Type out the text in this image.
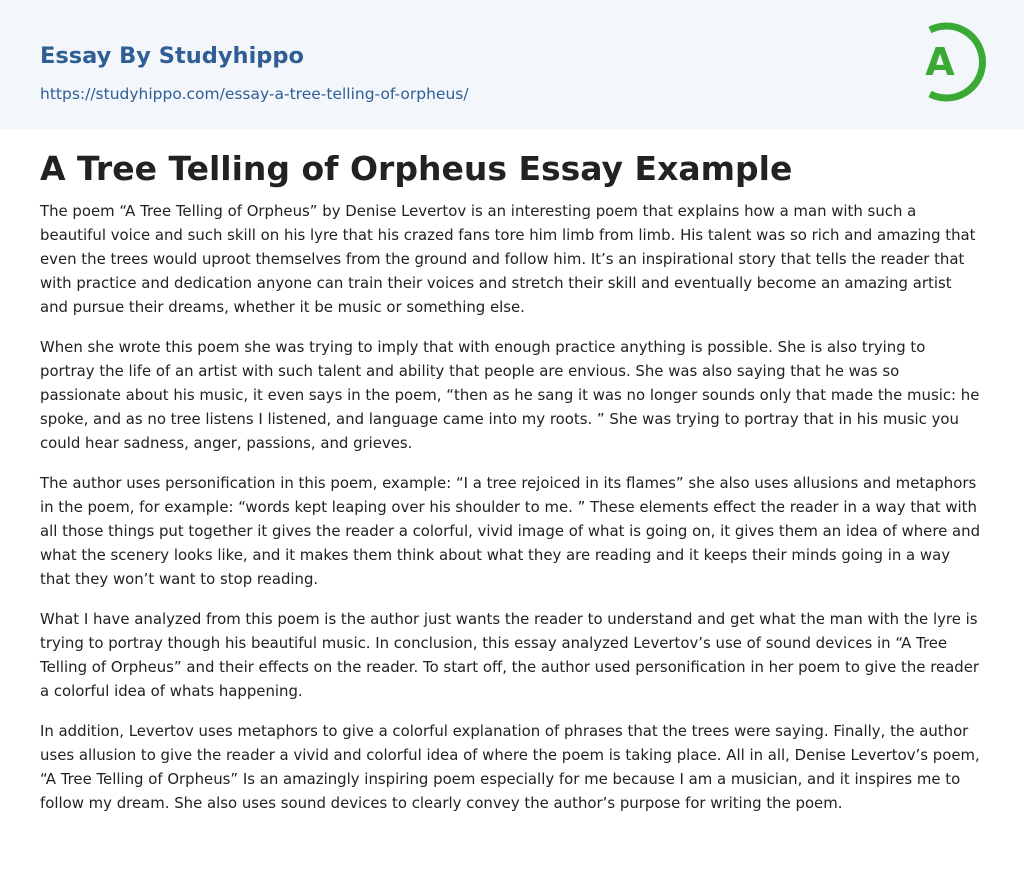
Essay By Studyhippo
https://studyhippo.com/essay-a-tree-telling-of-orpheus/
A
A Tree Telling of Orpheus Essay Example

The poem “A Tree Telling of Orpheus” by Denise Levertov is an interesting poem that explains how a man with such a beautiful voice and such skill on his lyre that his crazed fans tore him limb from limb. His talent was so rich and amazing that even the trees would uproot themselves from the ground and follow him. It’s an inspirational story that tells the reader that with practice and dedication anyone can train their voices and stretch their skill and eventually become an amazing artist and pursue their dreams, whether it be music or something else.

When she wrote this poem she was trying to imply that with enough practice anything is possible. She is also trying to portray the life of an artist with such talent and ability that people are envious. She was also saying that he was so passionate about his music, it even says in the poem, “then as he sang it was no longer sounds only that made the music: he spoke, and as no tree listens I listened, and language came into my roots. ” She was trying to portray that in his music you could hear sadness, anger, passions, and grieves.

The author uses personification in this poem, example: “I a tree rejoiced in its flames” she also uses allusions and metaphors in the poem, for example: “words kept leaping over his shoulder to me. ” These elements effect the reader in a way that with all those things put together it gives the reader a colorful, vivid image of what is going on, it gives them an idea of where and what the scenery looks like, and it makes them think about what they are reading and it keeps their minds going in a way that they won’t want to stop reading.

What I have analyzed from this poem is the author just wants the reader to understand and get what the man with the lyre is trying to portray though his beautiful music. In conclusion, this essay analyzed Levertov’s use of sound devices in “A Tree Telling of Orpheus” and their effects on the reader. To start off, the author used personification in her poem to give the reader a colorful idea of whats happening.

In addition, Levertov uses metaphors to give a colorful explanation of phrases that the trees were saying. Finally, the author uses allusion to give the reader a vivid and colorful idea of where the poem is taking place. All in all, Denise Levertov’s poem, “A Tree Telling of Orpheus” Is an amazingly inspiring poem especially for me because I am a musician, and it inspires me to follow my dream. She also uses sound devices to clearly convey the author’s purpose for writing the poem.
